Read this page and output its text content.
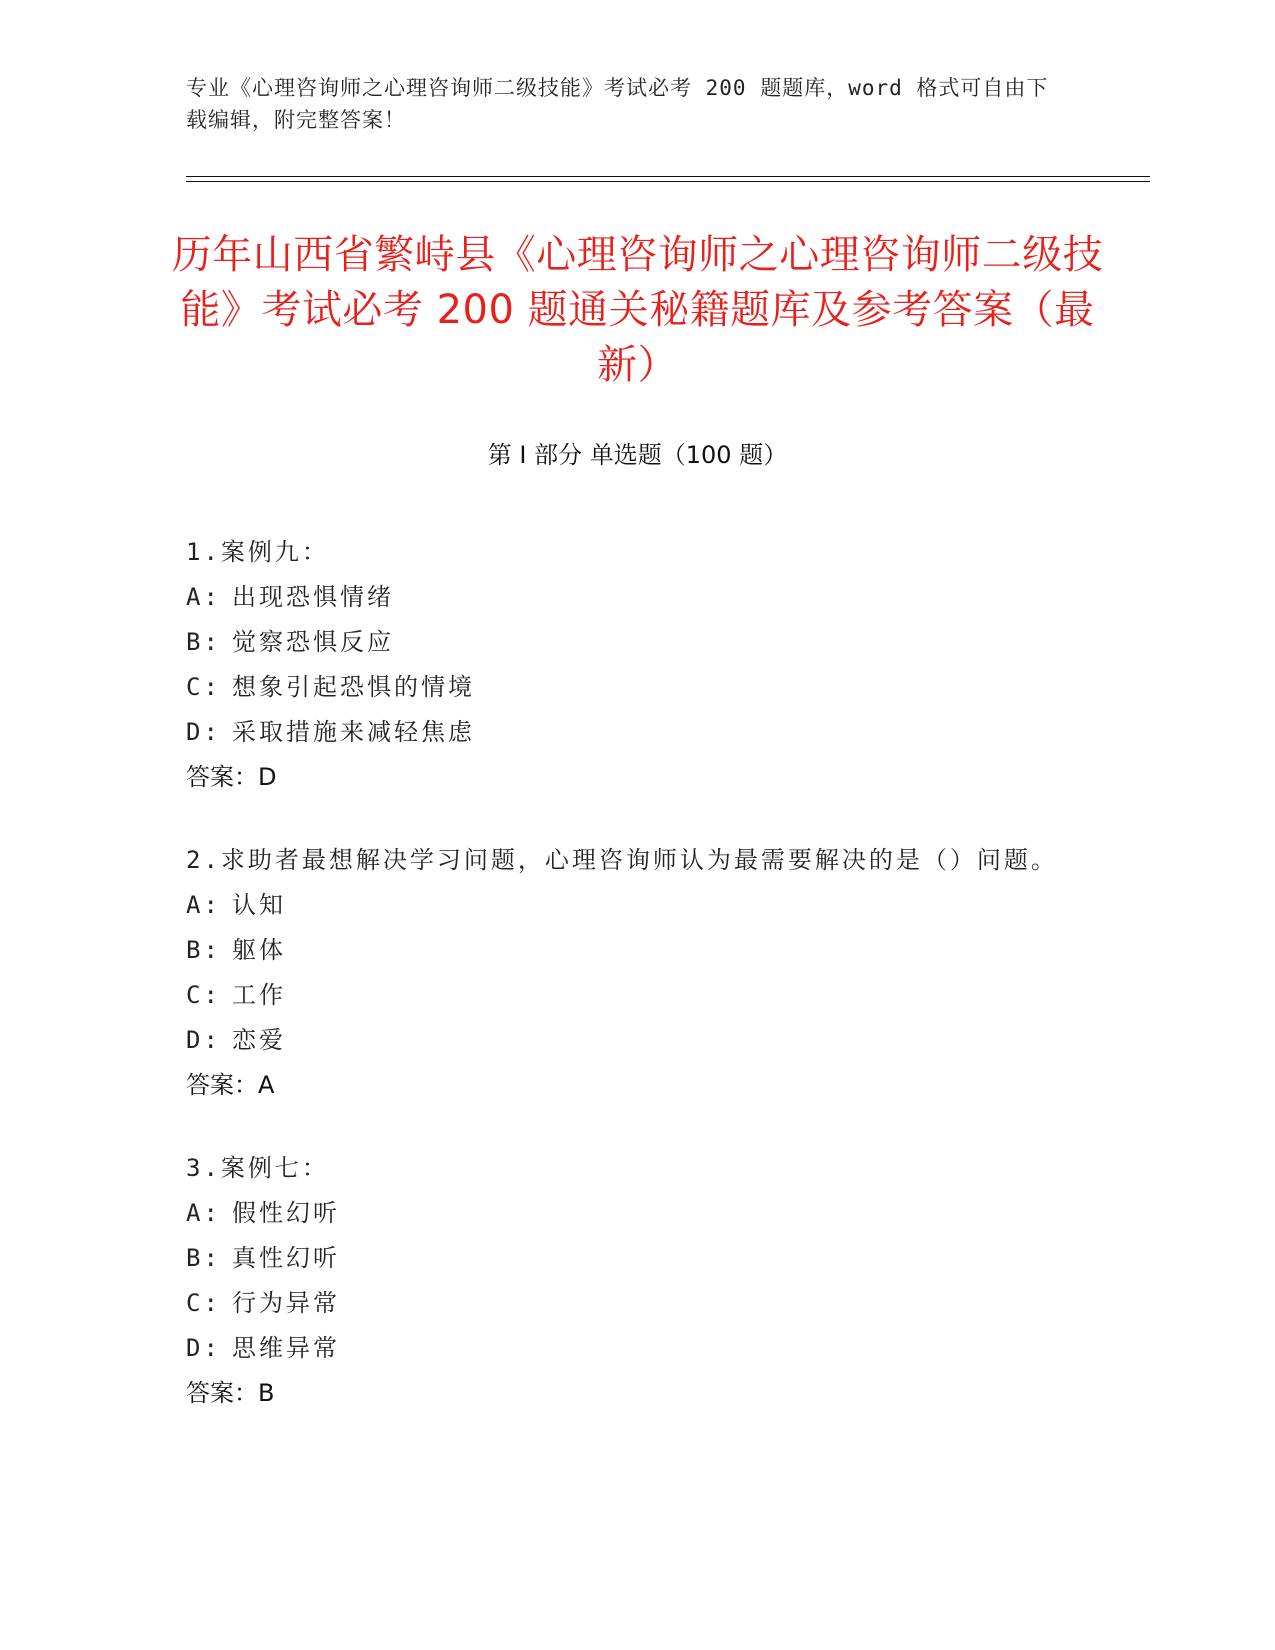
专业《心理咨询师之心理咨询师二级技能》考试必考 200 题题库，word 格式可自由下载编辑，附完整答案！
历年山西省繁峙县《心理咨询师之心理咨询师二级技能》考试必考 200 题通关秘籍题库及参考答案（最新）
第 I 部分 单选题（100 题）
1.案例九：
A: 出现恐惧情绪
B: 觉察恐惧反应
C: 想象引起恐惧的情境
D: 采取措施来减轻焦虑
答案：D
2.求助者最想解决学习问题，心理咨询师认为最需要解决的是（）问题。
A: 认知
B: 躯体
C: 工作
D: 恋爱
答案：A
3.案例七：
A: 假性幻听
B: 真性幻听
C: 行为异常
D: 思维异常
答案：B
